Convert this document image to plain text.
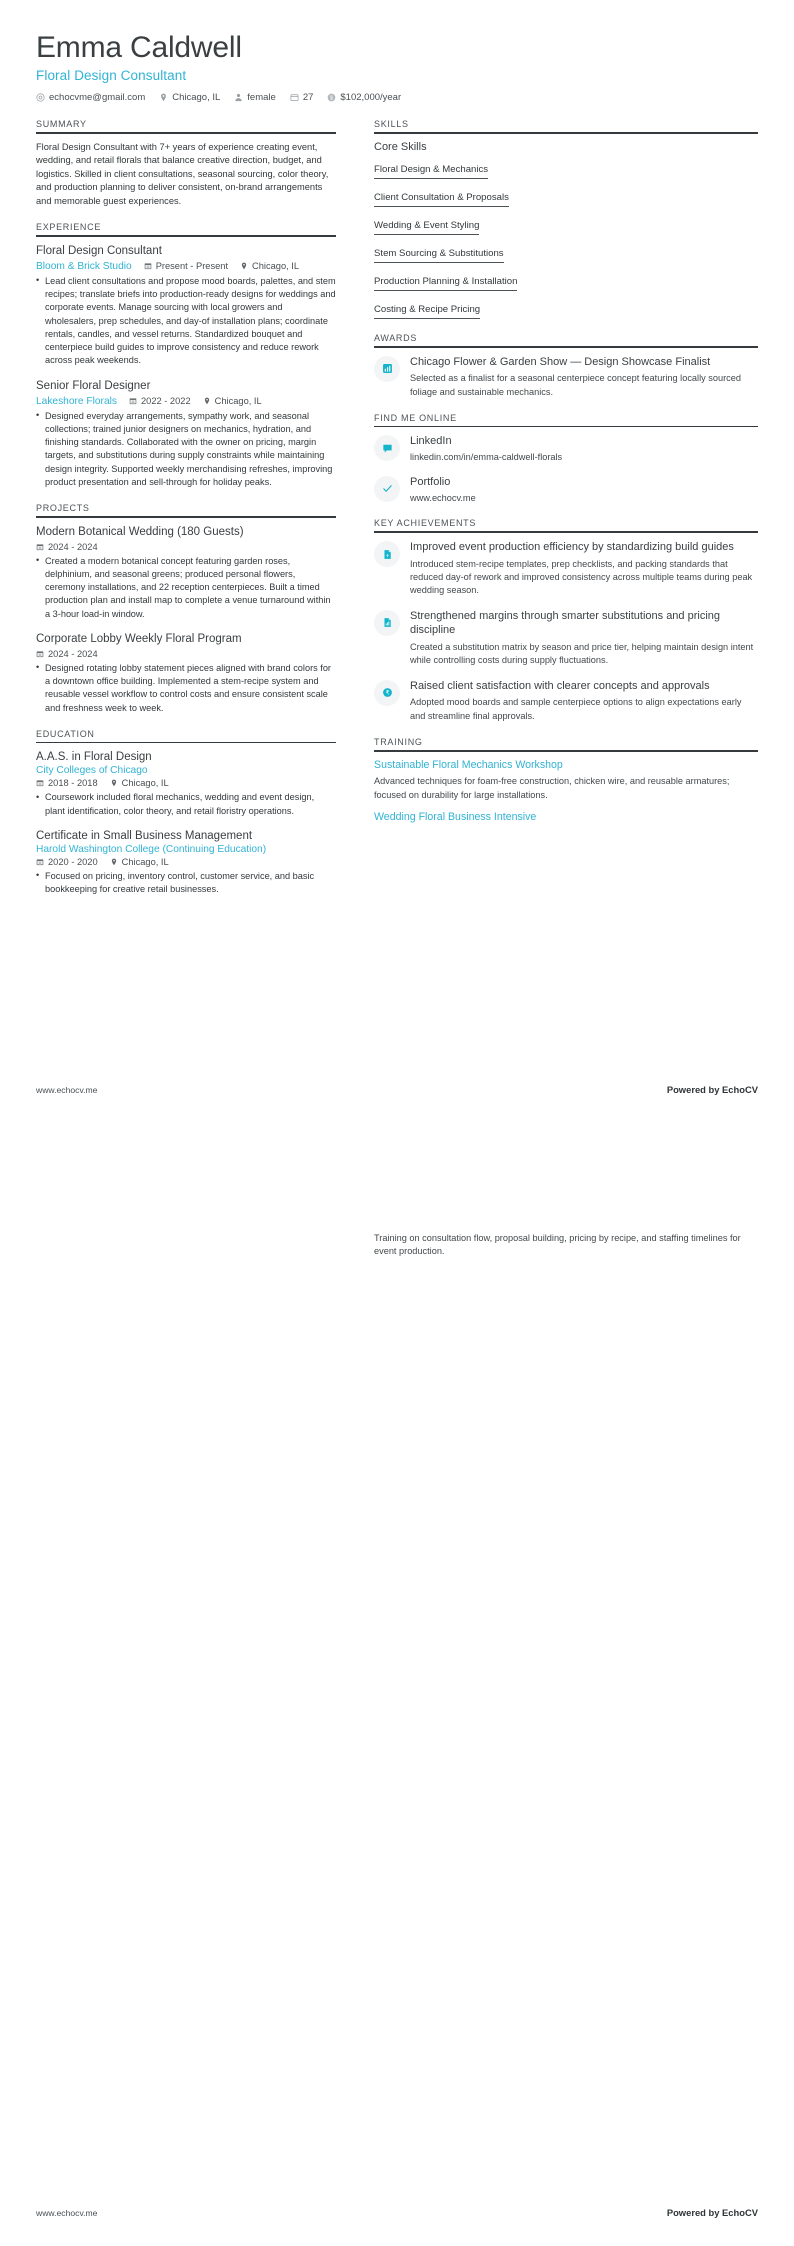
Emma Caldwell
Floral Design Consultant
echocvme@gmail.com	Chicago, IL	female	27 $ $102,000/year
SUMMARY
Floral Design Consultant with 7+ years of experience creating event, wedding, and retail florals that balance creative direction, budget, and logistics. Skilled in client consultations, seasonal sourcing, color theory, and production planning to deliver consistent, on-brand arrangements and memorable guest experiences.
EXPERIENCE
Floral Design Consultant
Bloom & Brick Studio	Present - Present	Chicago, IL
• Lead client consultations and propose mood boards, palettes, and stem recipes; translate briefs into production-ready designs for weddings and corporate events. Manage sourcing with local growers and wholesalers, prep schedules, and day-of installation plans; coordinate rentals, candles, and vessel returns. Standardized bouquet and centerpiece build guides to improve consistency and reduce rework across peak weekends.
Senior Floral Designer
Lakeshore Florals	2022 - 2022	Chicago, IL
• Designed everyday arrangements, sympathy work, and seasonal collections; trained junior designers on mechanics, hydration, and finishing standards. Collaborated with the owner on pricing, margin targets, and substitutions during supply constraints while maintaining design integrity. Supported weekly merchandising refreshes, improving product presentation and sell-through for holiday peaks.
PROJECTS
Modern Botanical Wedding (180 Guests)
2024 - 2024
• Created a modern botanical concept featuring garden roses, delphinium, and seasonal greens; produced personal flowers, ceremony installations, and 22 reception centerpieces. Built a timed production plan and install map to complete a venue turnaround within a 3-hour load-in window.
Corporate Lobby Weekly Floral Program
2024 - 2024
• Designed rotating lobby statement pieces aligned with brand colors for a downtown office building. Implemented a stem-recipe system and reusable vessel workflow to control costs and ensure consistent scale and freshness week to week.
EDUCATION
A.A.S. in Floral Design
City Colleges of Chicago
2018 - 2018	Chicago, IL
• Coursework included floral mechanics, wedding and event design, plant identification, color theory, and retail floristry operations.
Certificate in Small Business Management
Harold Washington College (Continuing Education)
2020 - 2020	Chicago, IL
• Focused on pricing, inventory control, customer service, and basic bookkeeping for creative retail businesses.
SKILLS
Core Skills
Floral Design & Mechanics
Client Consultation & Proposals
Wedding & Event Styling
Stem Sourcing & Substitutions
Production Planning & Installation
Costing & Recipe Pricing
AWARDS
Chicago Flower & Garden Show — Design Showcase Finalist
Selected as a finalist for a seasonal centerpiece concept featuring locally sourced foliage and sustainable mechanics.
FIND ME ONLINE
LinkedIn
linkedin.com/in/emma-caldwell-florals
Portfolio
www.echocv.me
KEY ACHIEVEMENTS
Improved event production efficiency by standardizing build guides
Introduced stem-recipe templates, prep checklists, and packing standards that reduced day-of rework and improved consistency across multiple teams during peak wedding season.
Strengthened margins through smarter substitutions and pricing discipline
Created a substitution matrix by season and price tier, helping maintain design intent while controlling costs during supply fluctuations.
₹
Raised client satisfaction with clearer concepts and approvals
Adopted mood boards and sample centerpiece options to align expectations early and streamline final approvals.
TRAINING
Sustainable Floral Mechanics Workshop
Advanced techniques for foam-free construction, chicken wire, and reusable armatures; focused on durability for large installations.
Wedding Floral Business Intensive
www.echocv.me	Powered by EchoCV
Training on consultation flow, proposal building, pricing by recipe, and staffing timelines for event production.
www.echocv.me	Powered by EchoCV
